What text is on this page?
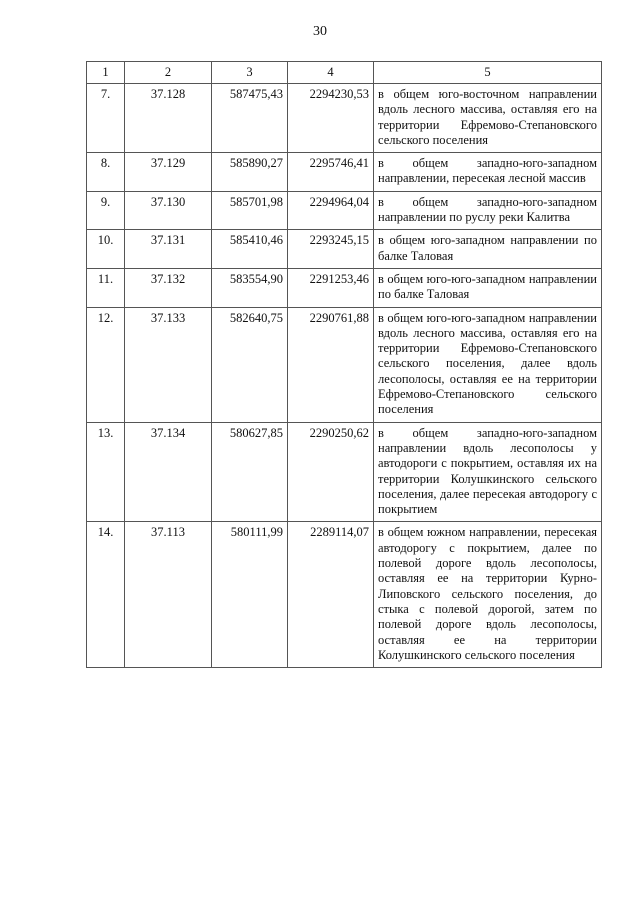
30
1	2	3	4	5
7.	37.128	587475,43	2294230,53	в общем юго-восточном направлении вдоль лесного массива, оставляя его на территории Ефремово-Степановского сельского поселения
8.	37.129	585890,27	2295746,41	в общем западно-юго-западном направлении, пересекая лесной массив
9.	37.130	585701,98	2294964,04	в общем западно-юго-западном направлении по руслу реки Калитва
10.	37.131	585410,46	2293245,15	в общем юго-западном направлении по балке Таловая
11.	37.132	583554,90	2291253,46	в общем юго-юго-западном направлении по балке Таловая
12.	37.133	582640,75	2290761,88	в общем юго-юго-западном направлении вдоль лесного массива, оставляя его на территории Ефремово-Степановского сельского поселения, далее вдоль лесополосы, оставляя ее на территории Ефремово-Степановского сельского поселения
13.	37.134	580627,85	2290250,62	в общем западно-юго-западном направлении вдоль лесополосы у автодороги с покрытием, оставляя их на территории Колушкинского сельского поселения, далее пересекая автодорогу с покрытием
14.	37.113	580111,99	2289114,07	в общем южном направлении, пересекая автодорогу с покрытием, далее по полевой дороге вдоль лесополосы, оставляя ее на территории Курно-Липовского сельского поселения, до стыка с полевой дорогой, затем по полевой дороге вдоль лесополосы, оставляя ее на территории Колушкинского сельского поселения
